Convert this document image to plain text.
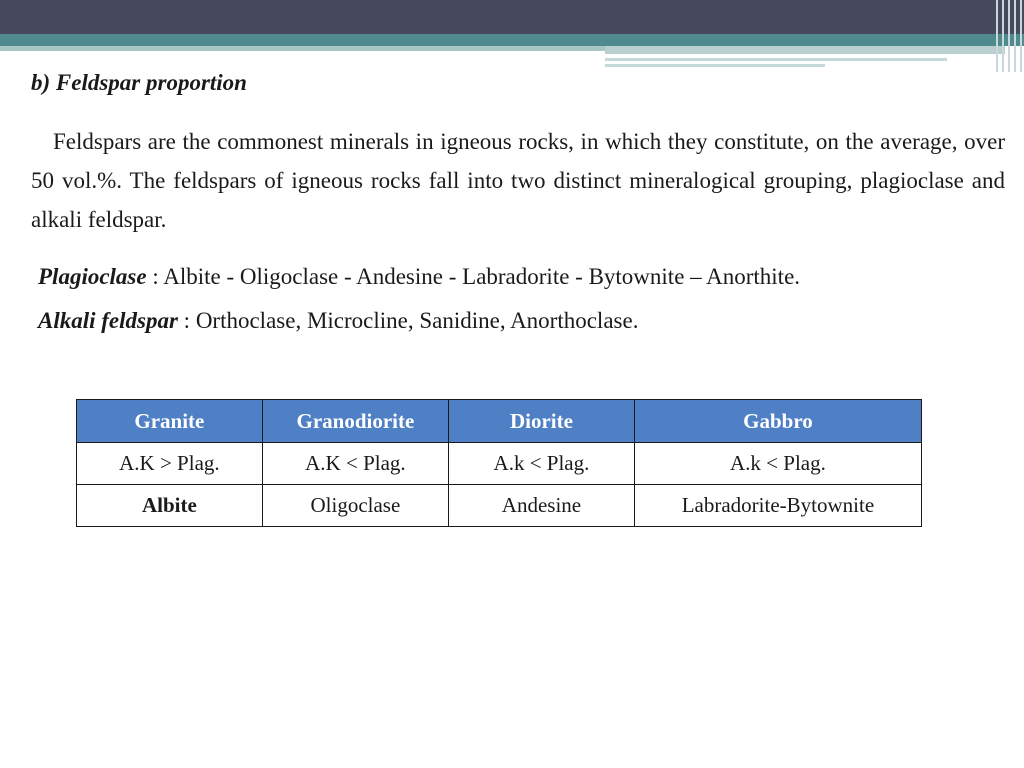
b) Feldspar proportion
Feldspars are the commonest minerals in igneous rocks, in which they constitute, on the average, over 50 vol.%. The feldspars of igneous rocks fall into two distinct mineralogical grouping, plagioclase and alkali feldspar.
Plagioclase : Albite - Oligoclase - Andesine - Labradorite - Bytownite – Anorthite.
Alkali feldspar : Orthoclase, Microcline, Sanidine, Anorthoclase.
Granite	Granodiorite	Diorite	Gabbro
A.K > Plag.	A.K < Plag.	A.k < Plag.	A.k < Plag.
Albite	Oligoclase	Andesine	Labradorite-Bytownite
